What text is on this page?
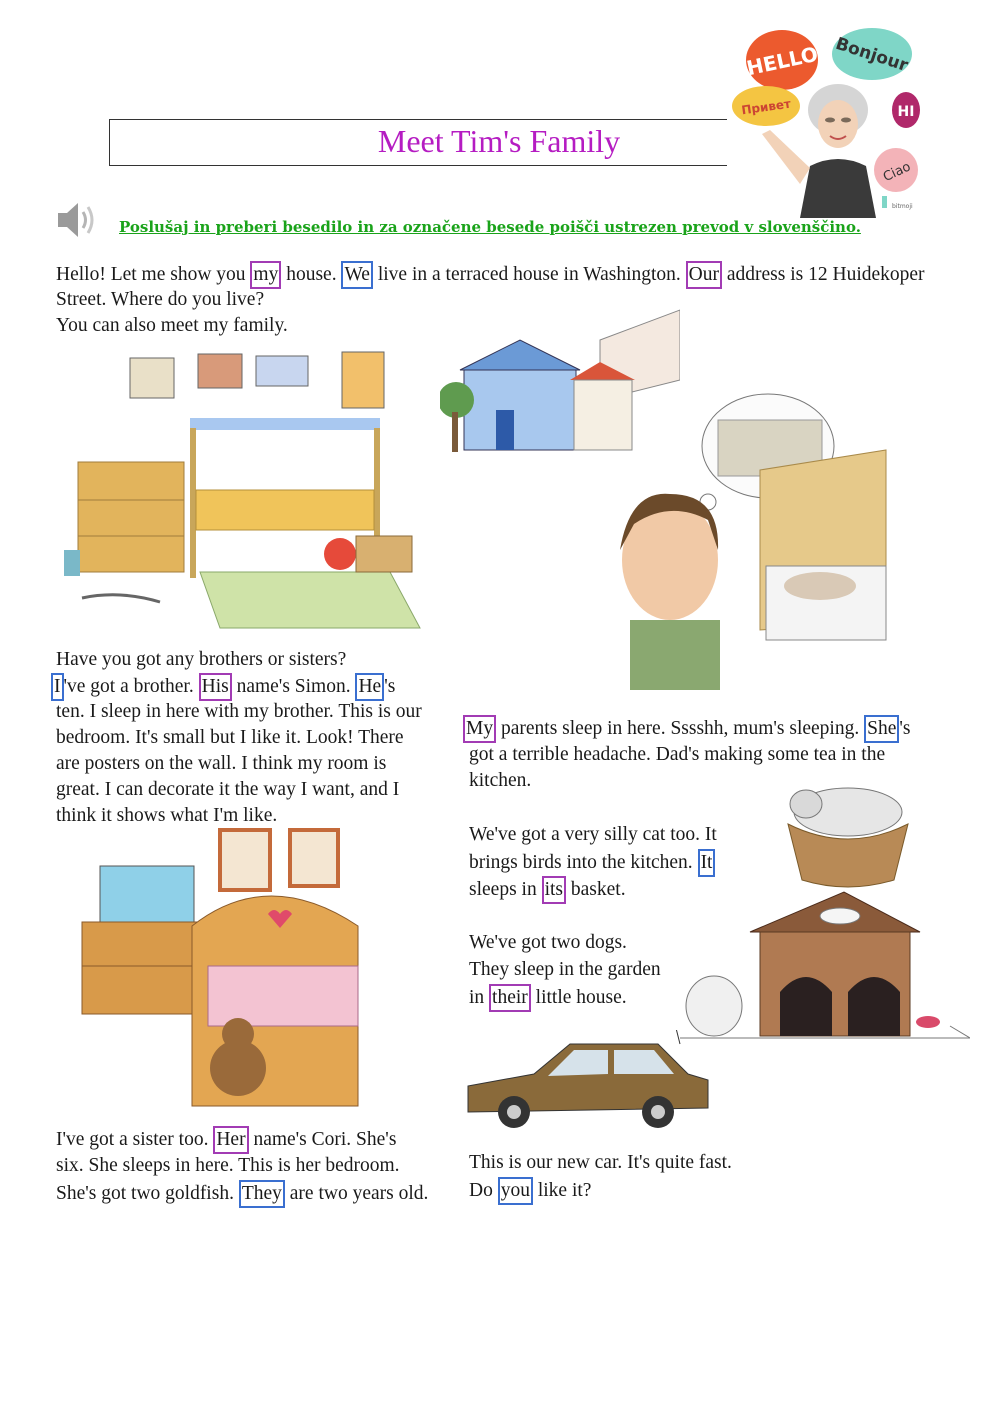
Meet Tim's Family
HELLO Bonjour
Привет	HI
Ciao
bitmoji
Poslušaj in preberi besedilo in za označene besede poišči ustrezen prevod v slovenščino.
Hello! Let me show you my house. We live in a terraced house in Washington. Our address is 12 Huidekoper
Street. Where do you live?
You can also meet my family.
Have you got any brothers or sisters?
I 've got a brother. His name's Simon. He 's
ten. I sleep in here with my brother. This is our
bedroom. It's small but I like it. Look! There
are posters on the wall. I think my room is
great. I can decorate it the way I want, and I
think it shows what I'm like.
My parents sleep in here. Sssshh, mum's sleeping. She 's
got a terrible headache. Dad's making some tea in the
kitchen.
We've got a very silly cat too. It
brings birds into the kitchen. It
sleeps in its basket.
We've got two dogs.
They sleep in the garden
in their little house.
I've got a sister too. Her name's Cori. She's
six. She sleeps in here. This is her bedroom.
She's got two goldfish. They are two years old.
This is our new car. It's quite fast.
Do you like it?
